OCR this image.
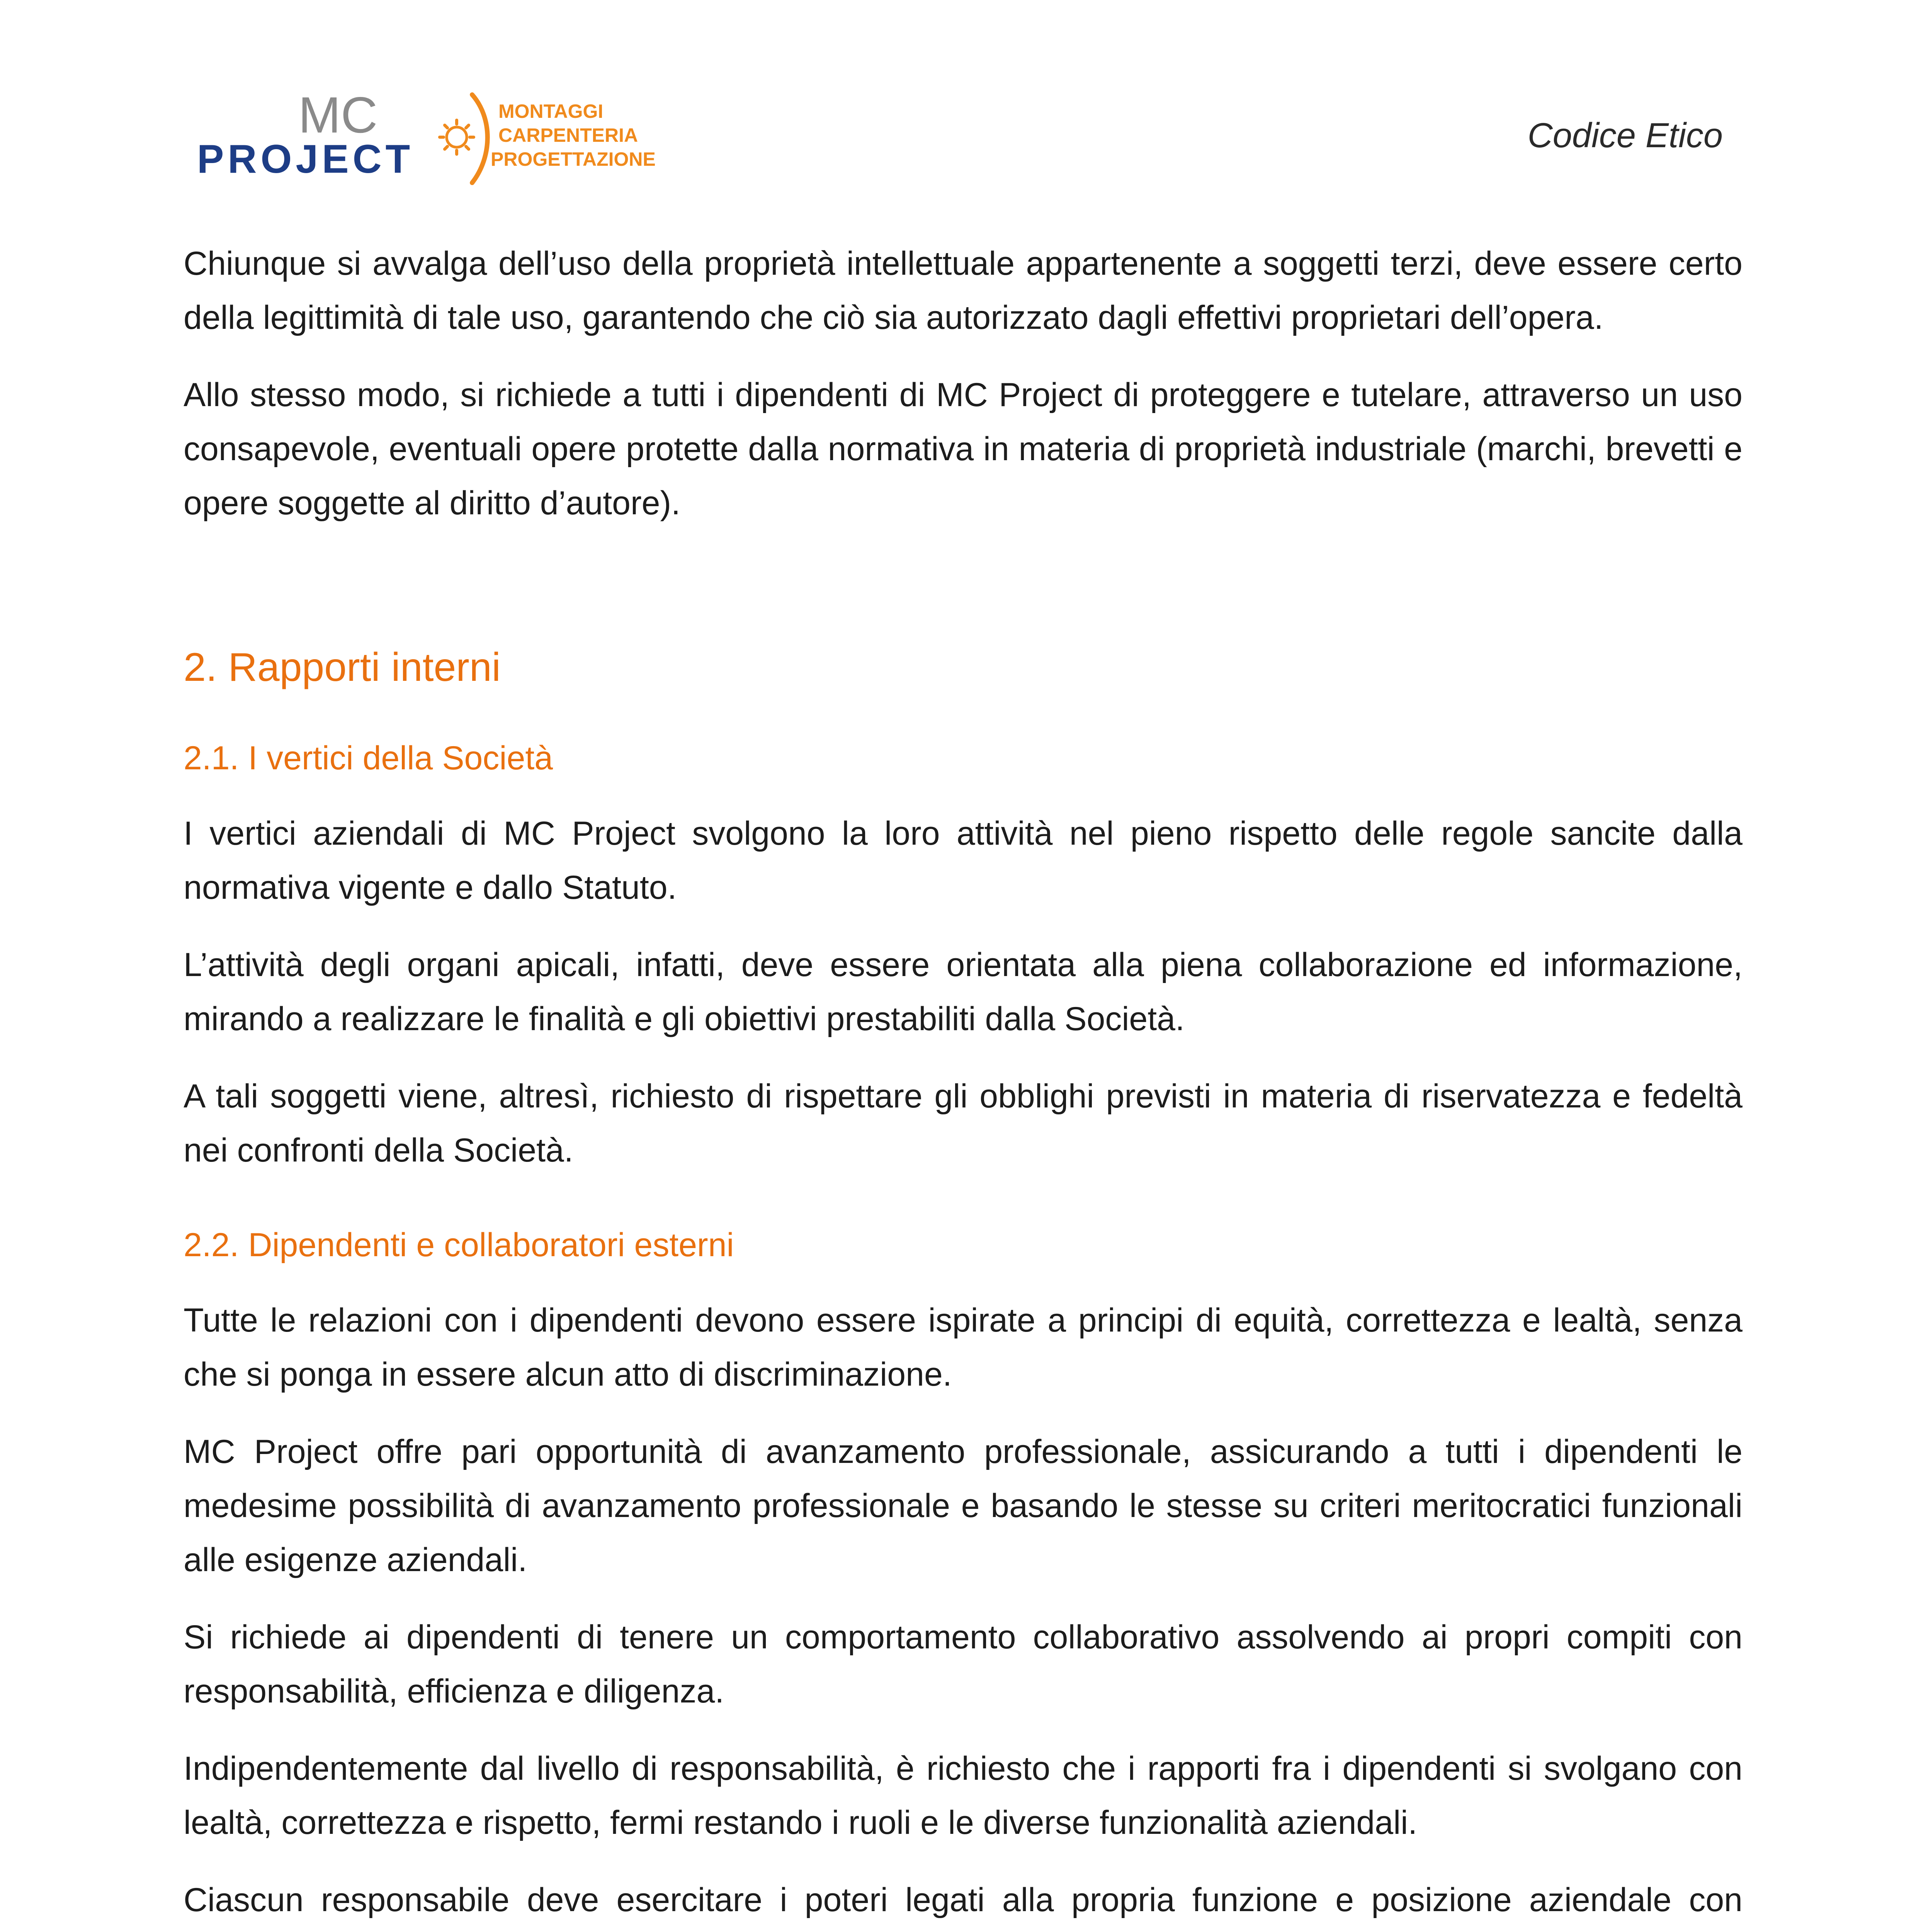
MC
PROJECT
MONTAGGI
CARPENTERIA
PROGETTAZIONE
Codice Etico

Chiunque si avvalga dell’uso della proprietà intellettuale appartenente a soggetti terzi, deve essere certo della legittimità di tale uso, garantendo che ciò sia autorizzato dagli effettivi proprietari dell’opera.

Allo stesso modo, si richiede a tutti i dipendenti di MC Project di proteggere e tutelare, attraverso un uso consapevole, eventuali opere protette dalla normativa in materia di proprietà industriale (marchi, brevetti e opere soggette al diritto d’autore).

2. Rapporti interni
2.1. I vertici della Società

I vertici aziendali di MC Project svolgono la loro attività nel pieno rispetto delle regole sancite dalla normativa vigente e dallo Statuto.

L’attività degli organi apicali, infatti, deve essere orientata alla piena collaborazione ed informazione, mirando a realizzare le finalità e gli obiettivi prestabiliti dalla Società.

A tali soggetti viene, altresì, richiesto di rispettare gli obblighi previsti in materia di riservatezza e fedeltà nei confronti della Società.

2.2. Dipendenti e collaboratori esterni

Tutte le relazioni con i dipendenti devono essere ispirate a principi di equità, correttezza e lealtà, senza che si ponga in essere alcun atto di discriminazione.

MC Project offre pari opportunità di avanzamento professionale, assicurando a tutti i dipendenti le medesime possibilità di avanzamento professionale e basando le stesse su criteri meritocratici funzionali alle esigenze aziendali.

Si richiede ai dipendenti di tenere un comportamento collaborativo assolvendo ai propri compiti con responsabilità, efficienza e diligenza.

Indipendentemente dal livello di responsabilità, è richiesto che i rapporti fra i dipendenti si svolgano con lealtà, correttezza e rispetto, fermi restando i ruoli e le diverse funzionalità aziendali.

Ciascun responsabile deve esercitare i poteri legati alla propria funzione e posizione aziendale con
